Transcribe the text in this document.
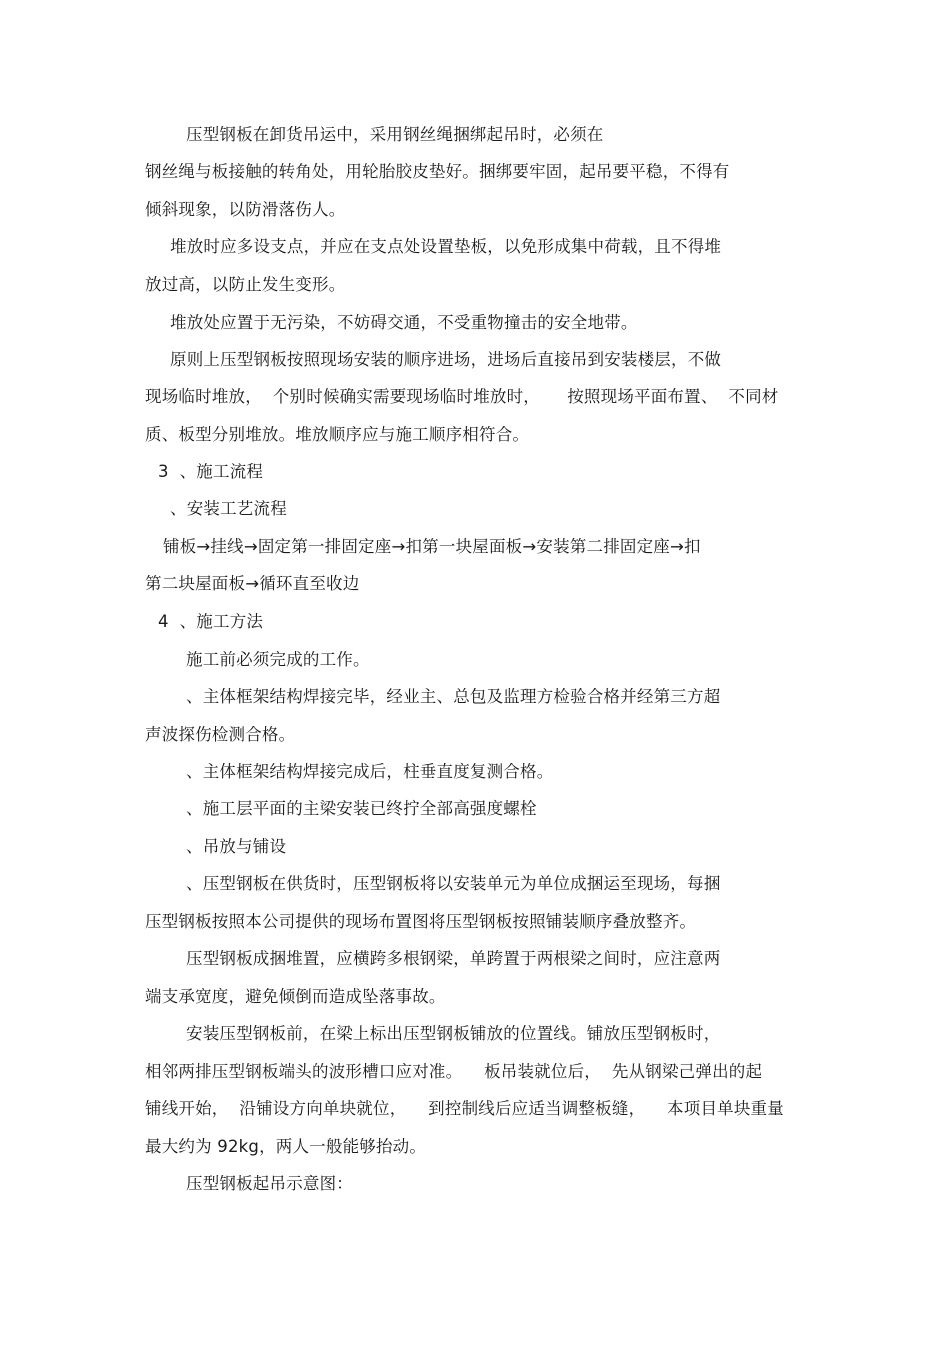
压型钢板在卸货吊运中，采用钢丝绳捆绑起吊时，必须在
钢丝绳与板接触的转角处，用轮胎胶皮垫好。捆绑要牢固，起吊要平稳，不得有
倾斜现象，以防滑落伤人。
堆放时应多设支点，并应在支点处设置垫板，以免形成集中荷载，且不得堆
放过高，以防止发生变形。
堆放处应置于无污染，不妨碍交通，不受重物撞击的安全地带。
原则上压型钢板按照现场安装的顺序进场，进场后直接吊到安装楼层，不做
现场临时堆放，  个别时候确实需要现场临时堆放时，     按照现场平面布置、  不同材
质、板型分别堆放。堆放顺序应与施工顺序相符合。
3  、施工流程
、安装工艺流程
铺板→挂线→固定第一排固定座→扣第一块屋面板→安装第二排固定座→扣
第二块屋面板→循环直至收边
4  、施工方法
施工前必须完成的工作。
、主体框架结构焊接完毕，经业主、总包及监理方检验合格并经第三方超
声波探伤检测合格。
、主体框架结构焊接完成后，柱垂直度复测合格。
、施工层平面的主梁安装已终拧全部高强度螺栓
、吊放与铺设
、压型钢板在供货时，压型钢板将以安装单元为单位成捆运至现场，每捆
压型钢板按照本公司提供的现场布置图将压型钢板按照铺装顺序叠放整齐。
压型钢板成捆堆置，应横跨多根钢梁，单跨置于两根梁之间时，应注意两
端支承宽度，避免倾倒而造成坠落事故。
安装压型钢板前，在梁上标出压型钢板铺放的位置线。铺放压型钢板时，
相邻两排压型钢板端头的波形槽口应对准。    板吊装就位后，  先从钢梁己弹出的起
铺线开始，  沿铺设方向单块就位，    到控制线后应适当调整板缝，    本项目单块重量
最大约为 92kg，两人一般能够抬动。
压型钢板起吊示意图：
